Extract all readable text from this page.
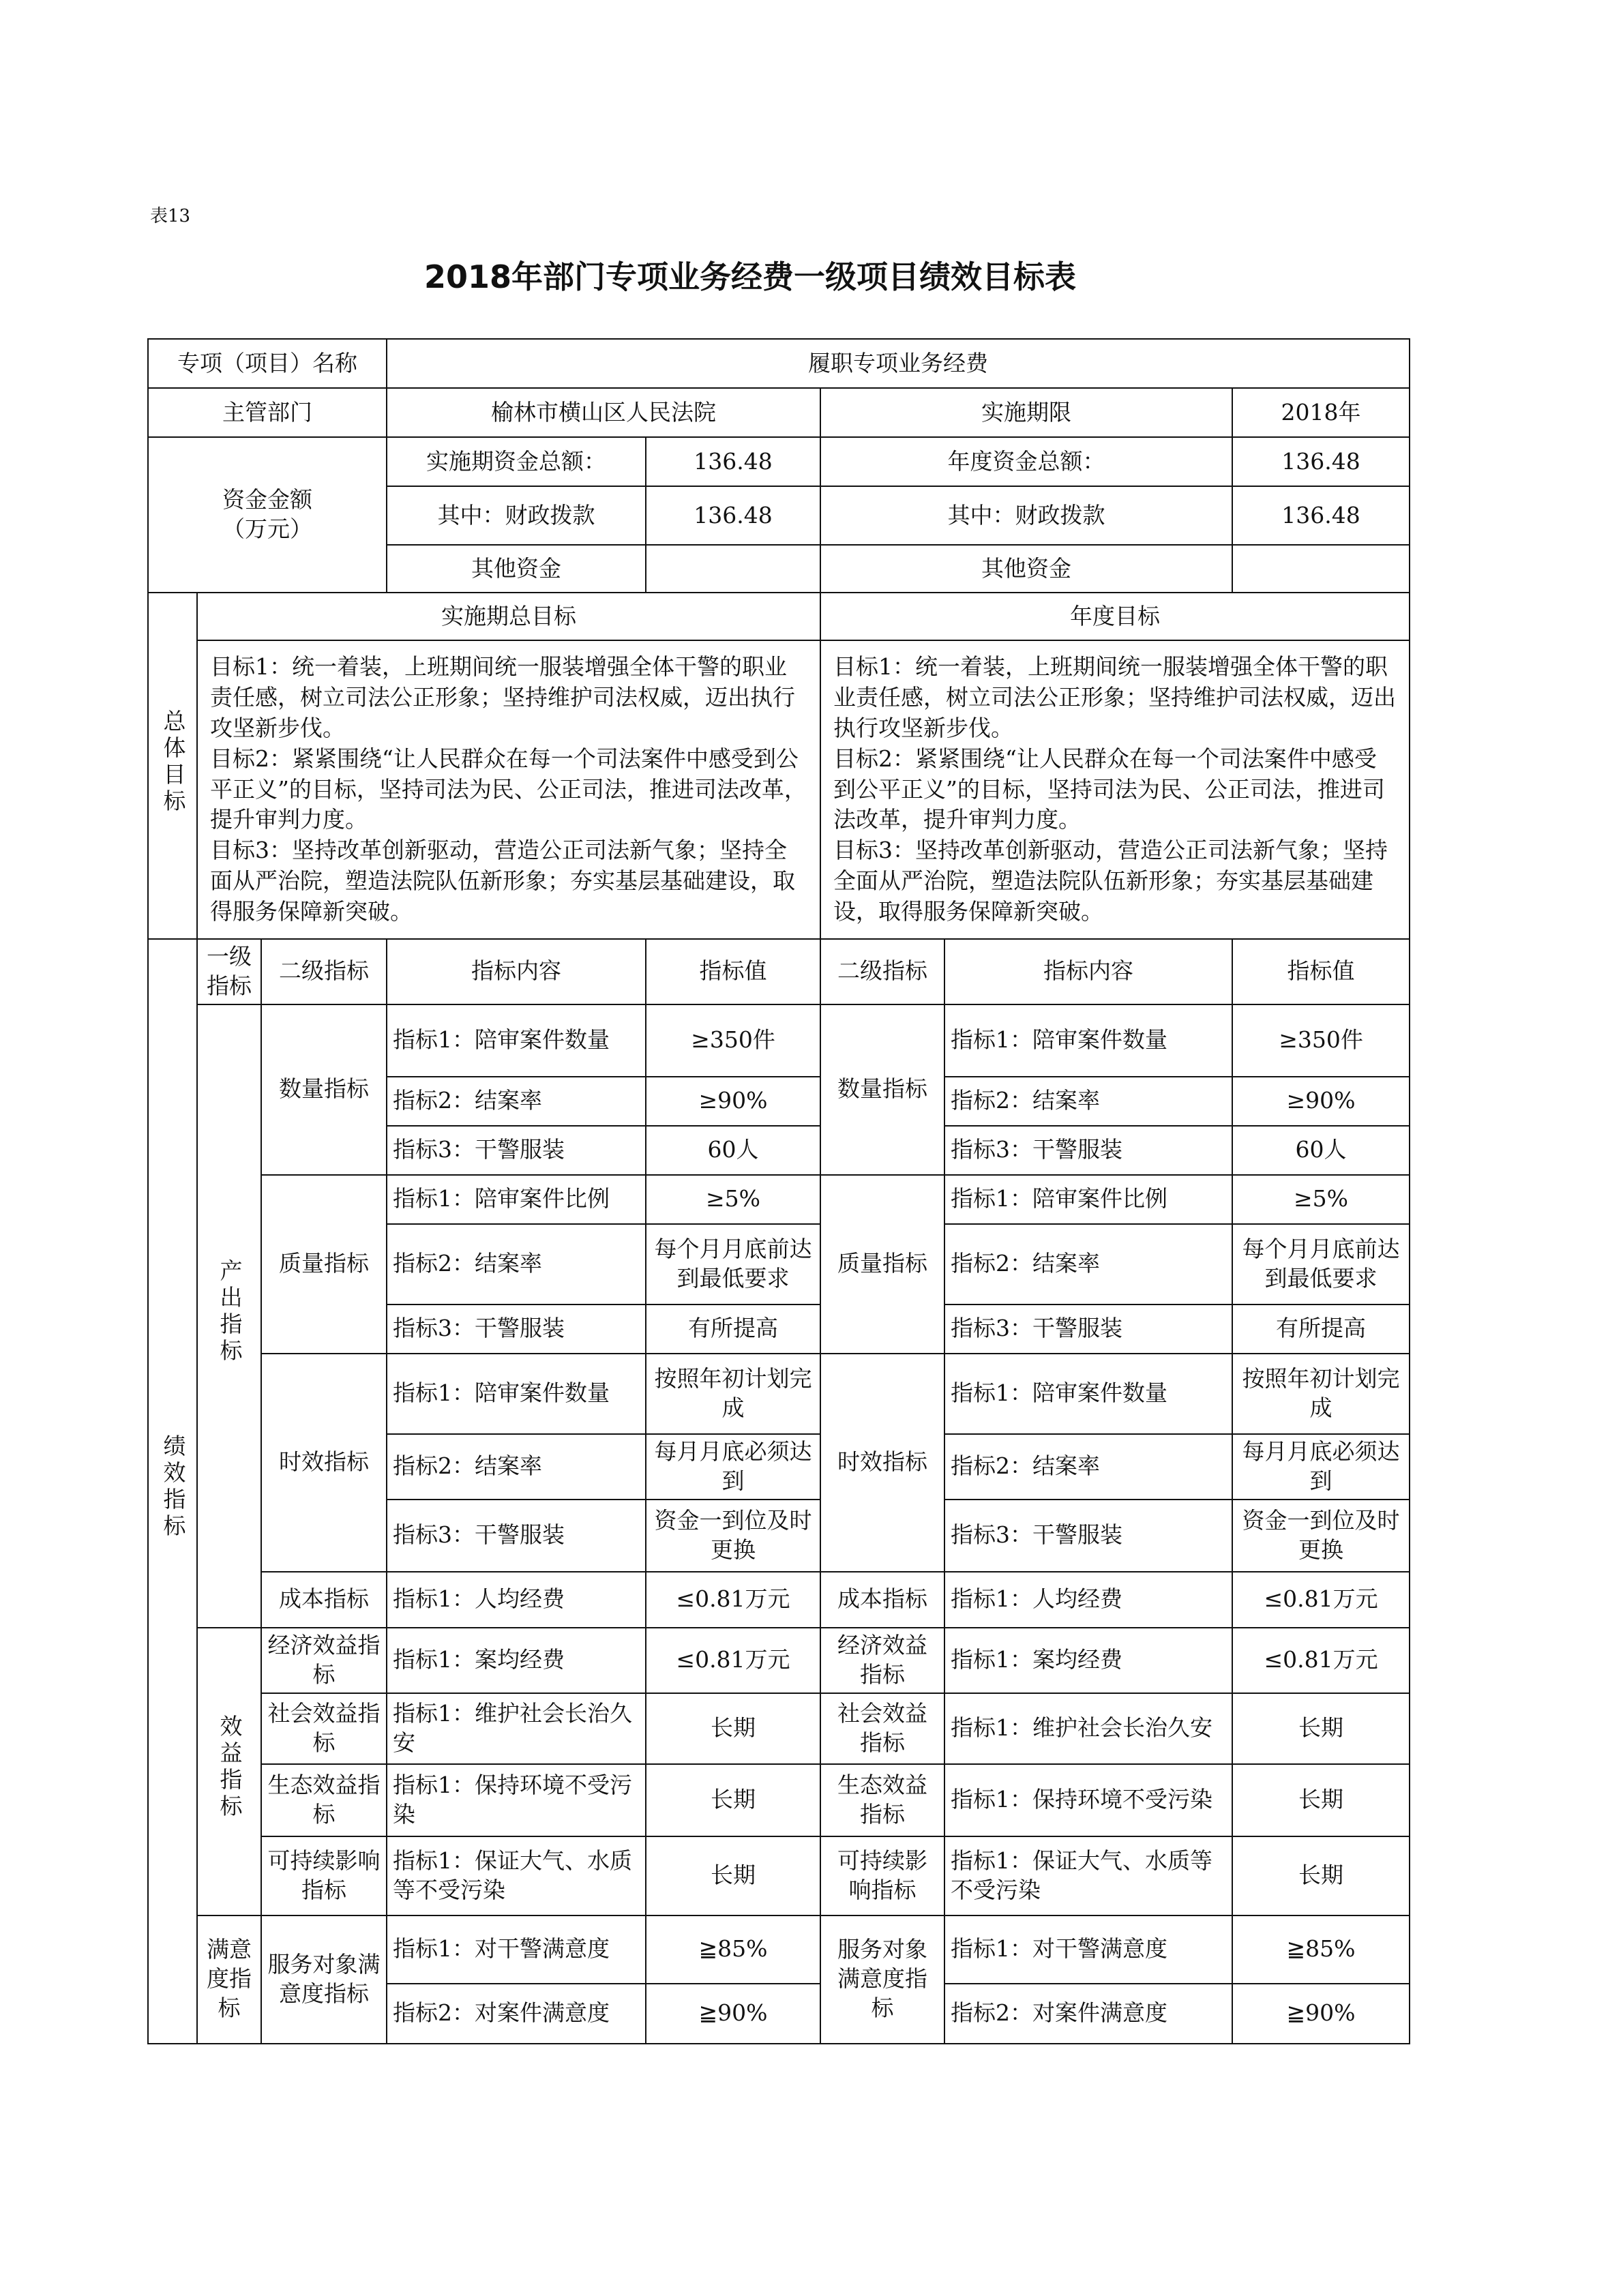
表13
2018年部门专项业务经费一级项目绩效目标表
专项（项目）名称			履职专项业务经费				
主管部门			榆林市横山区人民法院		实施期限		2018年
资金金额
（万元）			实施期资金总额：	136.48	年度资金总额：		136.48
			其中：财政拨款	136.48	其中：财政拨款		136.48
			其他资金		其他资金		
总体目标	实施期总目标				年度目标		
	目标1：统一着装，上班期间统一服装增强全体干警的职业责任感，树立司法公正形象；坚持维护司法权威，迈出执行攻坚新步伐。
目标2：紧紧围绕“让人民群众在每一个司法案件中感受到公平正义”的目标，坚持司法为民、公正司法，推进司法改革，提升审判力度。
目标3：坚持改革创新驱动，营造公正司法新气象；坚持全面从严治院，塑造法院队伍新形象；夯实基层基础建设，取得服务保障新突破。				目标1：统一着装，上班期间统一服装增强全体干警的职业责任感，树立司法公正形象；坚持维护司法权威，迈出执行攻坚新步伐。
目标2：紧紧围绕“让人民群众在每一个司法案件中感受到公平正义”的目标，坚持司法为民、公正司法，推进司法改革，提升审判力度。
目标3：坚持改革创新驱动，营造公正司法新气象；坚持全面从严治院，塑造法院队伍新形象；夯实基层基础建设，取得服务保障新突破。		
绩效指标	一级指标	二级指标	指标内容	指标值	二级指标	指标内容	指标值
	产出指标	数量指标	指标1：陪审案件数量	≥350件	数量指标	指标1：陪审案件数量	≥350件
			指标2：结案率	≥90%		指标2：结案率	≥90%
			指标3：干警服装	60人		指标3：干警服装	60人
		质量指标	指标1：陪审案件比例	≥5%	质量指标	指标1：陪审案件比例	≥5%
			指标2：结案率	每个月月底前达到最低要求		指标2：结案率	每个月月底前达到最低要求
			指标3：干警服装	有所提高		指标3：干警服装	有所提高
		时效指标	指标1：陪审案件数量	按照年初计划完成	时效指标	指标1：陪审案件数量	按照年初计划完成
			指标2：结案率	每月月底必须达到		指标2：结案率	每月月底必须达到
			指标3：干警服装	资金一到位及时更换		指标3：干警服装	资金一到位及时更换
		成本指标	指标1：人均经费	≤0.81万元	成本指标	指标1：人均经费	≤0.81万元
	效益指标	经济效益指标	指标1：案均经费	≤0.81万元	经济效益指标	指标1：案均经费	≤0.81万元
		社会效益指标	指标1：维护社会长治久安	长期	社会效益指标	指标1：维护社会长治久安	长期
		生态效益指标	指标1：保持环境不受污染	长期	生态效益指标	指标1：保持环境不受污染	长期
		可持续影响指标	指标1：保证大气、水质等不受污染	长期	可持续影响指标	指标1：保证大气、水质等不受污染	长期
	满意度指标	服务对象满意度指标	指标1：对干警满意度	≧85%	服务对象满意度指标	指标1：对干警满意度	≧85%
			指标2：对案件满意度	≧90%		指标2：对案件满意度	≧90%
